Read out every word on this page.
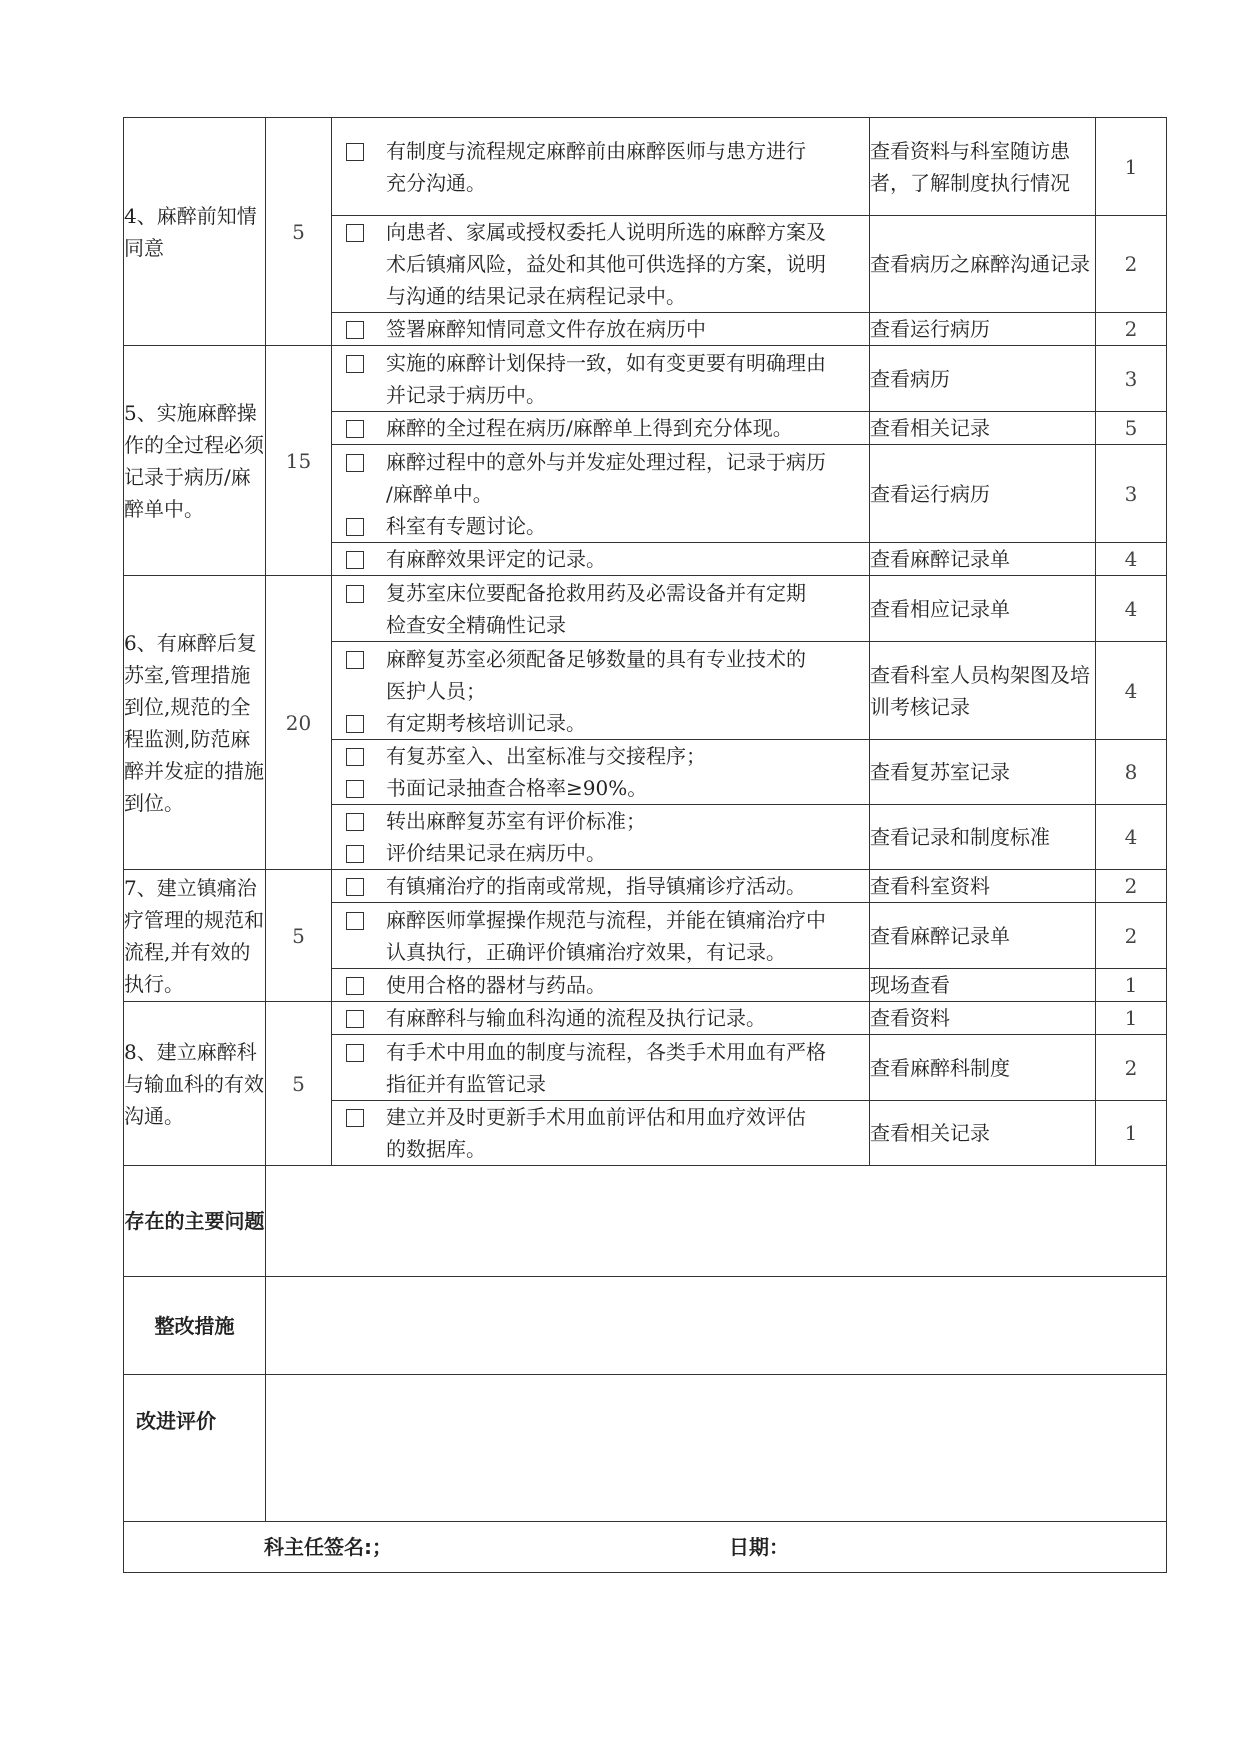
4、麻醉前知情同意	5	有制度与流程规定麻醉前由麻醉医师与患方进行
充分沟通。	查看资料与科室随访患者，了解制度执行情况	1

		向患者、家属或授权委托人说明所选的麻醉方案及
术后镇痛风险，益处和其他可供选择的方案，说明
与沟通的结果记录在病程记录中。	查看病历之麻醉沟通记录	2

		签署麻醉知情同意文件存放在病历中	查看运行病历	2
5、实施麻醉操作的全过程必须记录于病历/麻醉单中。	15	实施的麻醉计划保持一致，如有变更要有明确理由
并记录于病历中。	查看病历	3

		麻醉的全过程在病历/麻醉单上得到充分体现。	查看相关记录	5

		麻醉过程中的意外与并发症处理过程，记录于病历
/麻醉单中。
科室有专题讨论。	查看运行病历	3

		有麻醉效果评定的记录。	查看麻醉记录单	4
6、有麻醉后复苏室,管理措施到位,规范的全程监测,防范麻醉并发症的措施到位。	20	复苏室床位要配备抢救用药及必需设备并有定期
检查安全精确性记录	查看相应记录单	4

		麻醉复苏室必须配备足够数量的具有专业技术的
医护人员；
有定期考核培训记录。	查看科室人员构架图及培训考核记录	4

		有复苏室入、出室标准与交接程序；
书面记录抽查合格率≥90%。	查看复苏室记录	8

		转出麻醉复苏室有评价标准；
评价结果记录在病历中。	查看记录和制度标准	4
7、建立镇痛治疗管理的规范和流程,并有效的执行。	5	有镇痛治疗的指南或常规，指导镇痛诊疗活动。	查看科室资料	2

		麻醉医师掌握操作规范与流程，并能在镇痛治疗中
认真执行，正确评价镇痛治疗效果，有记录。	查看麻醉记录单	2

		使用合格的器材与药品。	现场查看	1
8、建立麻醉科与输血科的有效沟通。	5	有麻醉科与输血科沟通的流程及执行记录。	查看资料	1

		有手术中用血的制度与流程，各类手术用血有严格
指征并有监管记录	查看麻醉科制度	2

		建立并及时更新手术用血前评估和用血疗效评估
的数据库。	查看相关记录	1
存在的主要问题				
整改措施				
改进评价				
科主任签名:； 日期：				
